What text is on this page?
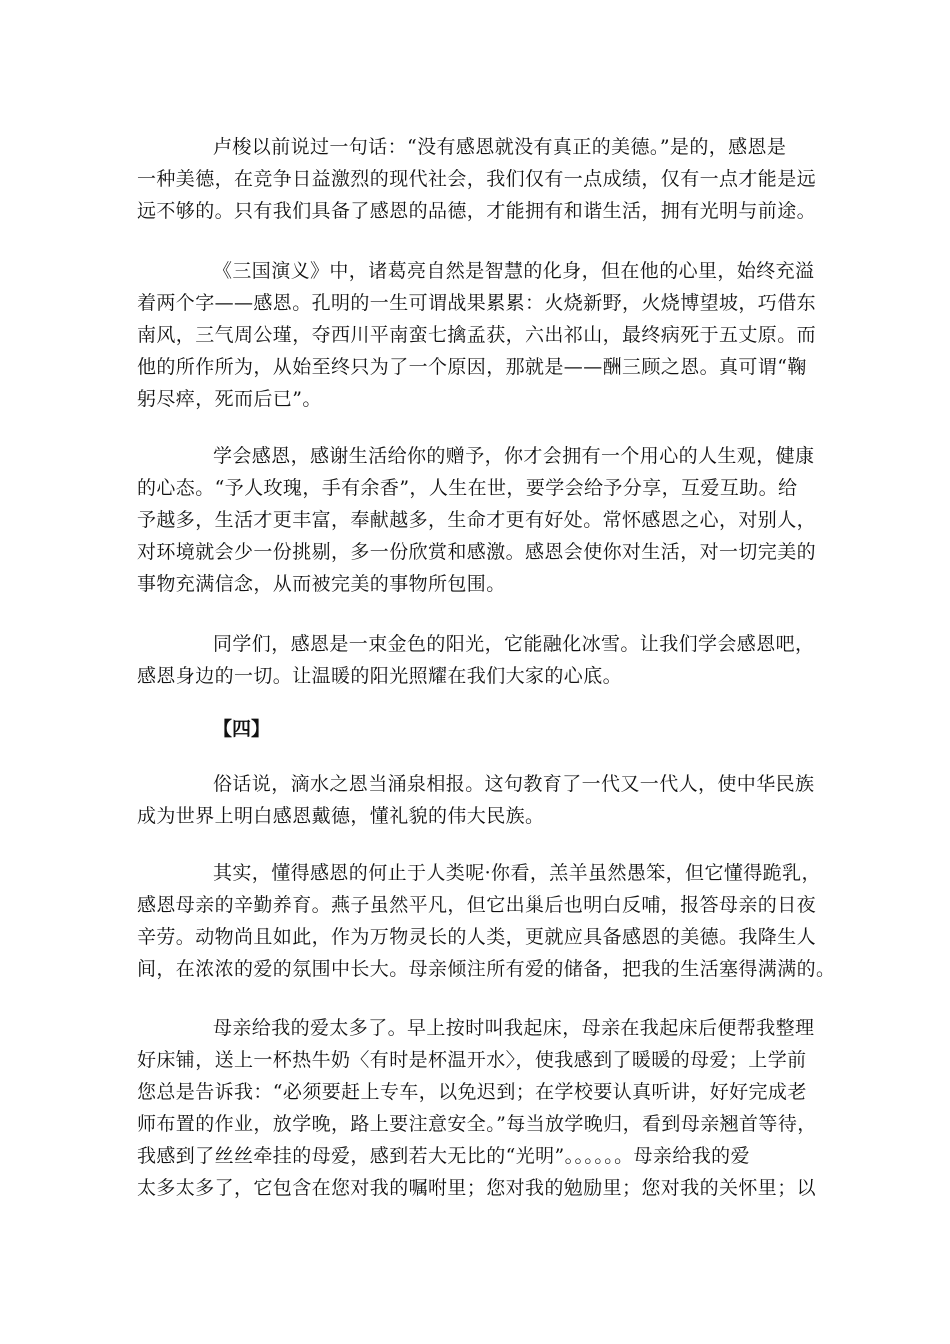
卢梭以前说过一句话：“没有感恩就没有真正的美德。”是的，感恩是
一种美德，在竞争日益激烈的现代社会，我们仅有一点成绩，仅有一点才能是远
远不够的。只有我们具备了感恩的品德，才能拥有和谐生活，拥有光明与前途。
《三国演义》中，诸葛亮自然是智慧的化身，但在他的心里，始终充溢
着两个字——感恩。孔明的一生可谓战果累累：火烧新野，火烧博望坡，巧借东
南风，三气周公瑾，夺西川平南蛮七擒孟获，六出祁山，最终病死于五丈原。而
他的所作所为，从始至终只为了一个原因，那就是——酬三顾之恩。真可谓“鞠
躬尽瘁，死而后已”。
学会感恩，感谢生活给你的赠予，你才会拥有一个用心的人生观，健康
的心态。“予人玫瑰，手有余香”，人生在世，要学会给予分享，互爱互助。给
予越多，生活才更丰富，奉献越多，生命才更有好处。常怀感恩之心，对别人，
对环境就会少一份挑剔，多一份欣赏和感激。感恩会使你对生活，对一切完美的
事物充满信念，从而被完美的事物所包围。
同学们，感恩是一束金色的阳光，它能融化冰雪。让我们学会感恩吧，
感恩身边的一切。让温暖的阳光照耀在我们大家的心底。
【四】
俗话说，滴水之恩当涌泉相报。这句教育了一代又一代人，使中华民族
成为世界上明白感恩戴德，懂礼貌的伟大民族。
其实，懂得感恩的何止于人类呢·你看，羔羊虽然愚笨，但它懂得跪乳，
感恩母亲的辛勤养育。燕子虽然平凡，但它出巢后也明白反哺，报答母亲的日夜
辛劳。动物尚且如此，作为万物灵长的人类，更就应具备感恩的美德。我降生人
间，在浓浓的爱的氛围中长大。母亲倾注所有爱的储备，把我的生活塞得满满的。
母亲给我的爱太多了。早上按时叫我起床，母亲在我起床后便帮我整理
好床铺，送上一杯热牛奶〈有时是杯温开水〉，使我感到了暖暖的母爱；上学前
您总是告诉我：“必须要赶上专车，以免迟到；在学校要认真听讲，好好完成老
师布置的作业，放学晚，路上要注意安全。”每当放学晚归，看到母亲翘首等待，
我感到了丝丝牵挂的母爱，感到若大无比的“光明”。。。。。。母亲给我的爱
太多太多了，它包含在您对我的嘱咐里；您对我的勉励里；您对我的关怀里；以
